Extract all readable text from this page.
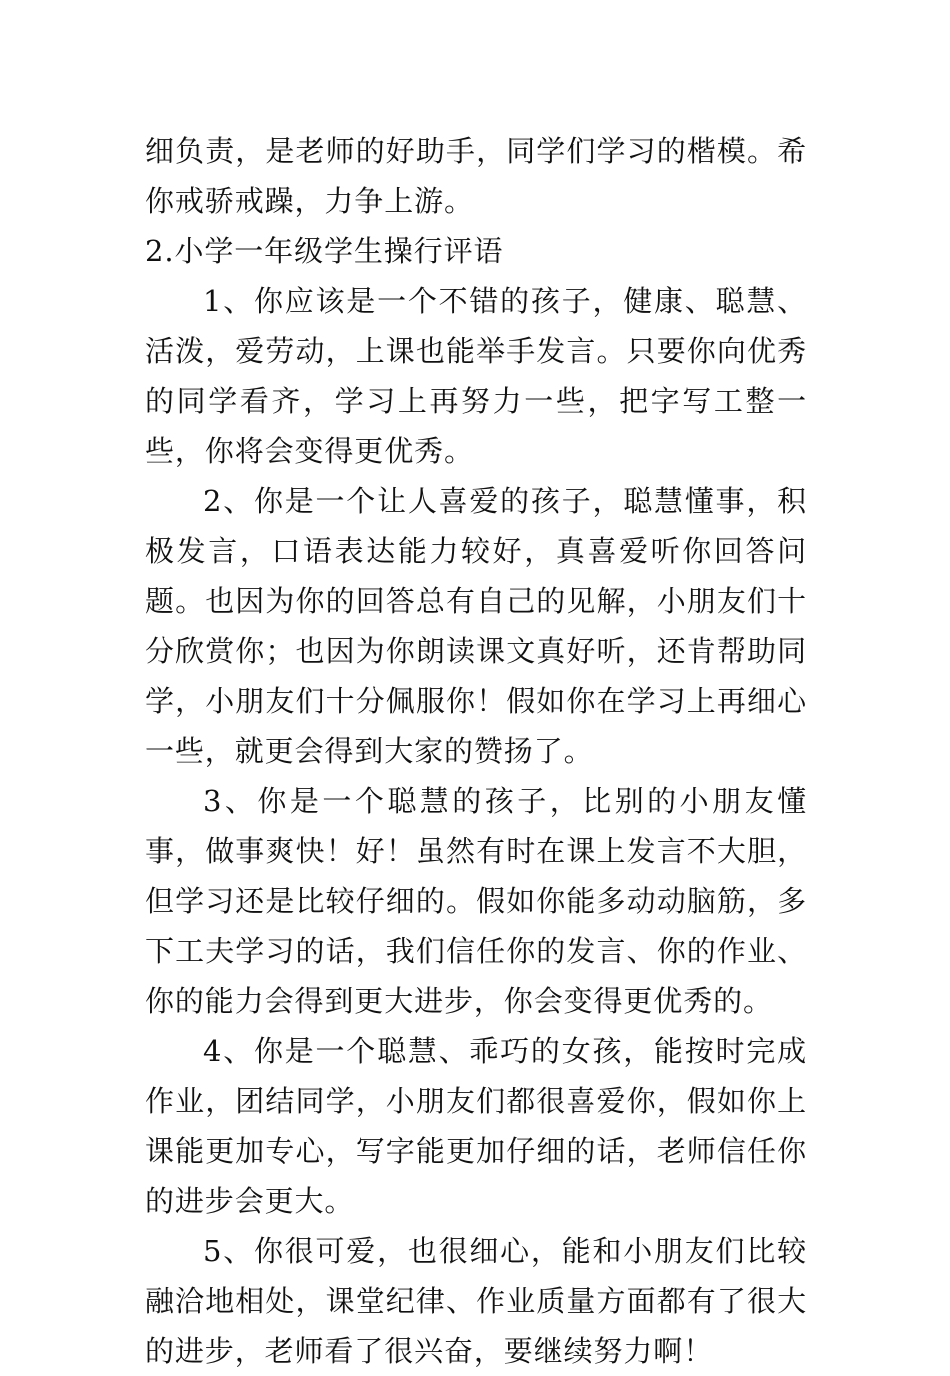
细负责，是老师的好助手，同学们学习的楷模。希你戒骄戒躁，力争上游。

2.小学一年级学生操行评语

1、你应该是一个不错的孩子，健康、聪慧、活泼，爱劳动，上课也能举手发言。只要你向优秀的同学看齐，学习上再努力一些，把字写工整一些，你将会变得更优秀。

2、你是一个让人喜爱的孩子，聪慧懂事，积极发言，口语表达能力较好，真喜爱听你回答问题。也因为你的回答总有自己的见解，小朋友们十分欣赏你；也因为你朗读课文真好听，还肯帮助同学，小朋友们十分佩服你！假如你在学习上再细心一些，就更会得到大家的赞扬了。

3、你是一个聪慧的孩子，比别的小朋友懂事，做事爽快！好！虽然有时在课上发言不大胆，但学习还是比较仔细的。假如你能多动动脑筋，多下工夫学习的话，我们信任你的发言、你的作业、你的能力会得到更大进步，你会变得更优秀的。

4、你是一个聪慧、乖巧的女孩，能按时完成作业，团结同学，小朋友们都很喜爱你，假如你上课能更加专心，写字能更加仔细的话，老师信任你的进步会更大。

5、你很可爱，也很细心，能和小朋友们比较融洽地相处，课堂纪律、作业质量方面都有了很大的进步，老师看了很兴奋，要继续努力啊！
